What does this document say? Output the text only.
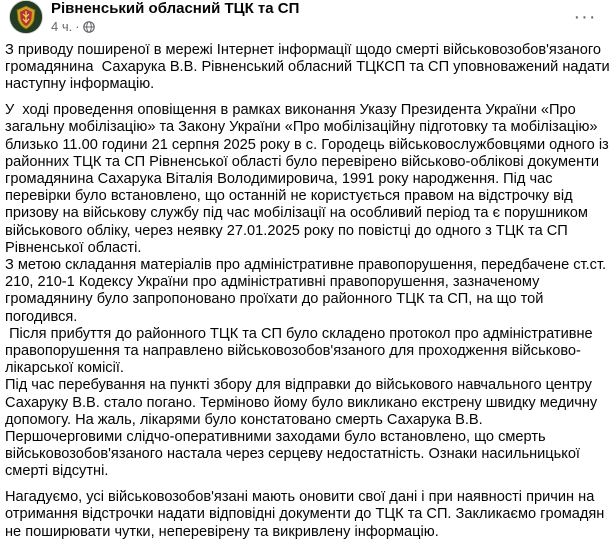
Рівненський обласний ТЦК та СП
4 ч. ·	···

З приводу поширеної в мережі Інтернет інформації щодо смерті військовозобов'язаного громадянина  Сахарука В.В. Рівненський обласний ТЦКСП та СП уповноважений надати наступну інформацію.

У  ході проведення оповіщення в рамках виконання Указу Президента України «Про загальну мобілізацію» та Закону України «Про мобілізаційну підготовку та мобілізацію» близько 11.00 години 21 серпня 2025 року в с. Городець військовослужбовцями одного із районних ТЦК та СП Рівненської області було перевірено військово-облікові документи громадянина Сахарука Віталія Володимировича, 1991 року народження. Під час перевірки було встановлено, що останній не користується правом на відстрочку від призову на військову службу під час мобілізації на особливий період та є порушником військового обліку, через неявку 27.01.2025 року по повістці до одного з ТЦК та СП Рівненської області.

З метою складання матеріалів про адміністративне правопорушення, передбачене ст.ст. 210, 210-1 Кодексу України про адміністративні правопорушення, зазначеному громадянину було запропоновано проїхати до районного ТЦК та СП, на що той погодився.

Після прибуття до районного ТЦК та СП було складено протокол про адміністративне правопорушення та направлено військовозобов'язаного для проходження військово-лікарської комісії.

Під час перебування на пункті збору для відправки до військового навчального центру Сахаруку В.В. стало погано. Терміново йому було викликано екстрену швидку медичну допомогу. На жаль, лікарями було констатовано смерть Сахарука В.В.

Першочерговими слідчо-оперативними заходами було встановлено, що смерть військовозобов'язаного настала через серцеву недостатність. Ознаки насильницької смерті відсутні.

Нагадуємо, усі військовозобов'язані мають оновити свої дані і при наявності причин на отримання відстрочки надати відповідні документи до ТЦК та СП. Закликаємо громадян не поширювати чутки, неперевірену та викривлену інформацію.
